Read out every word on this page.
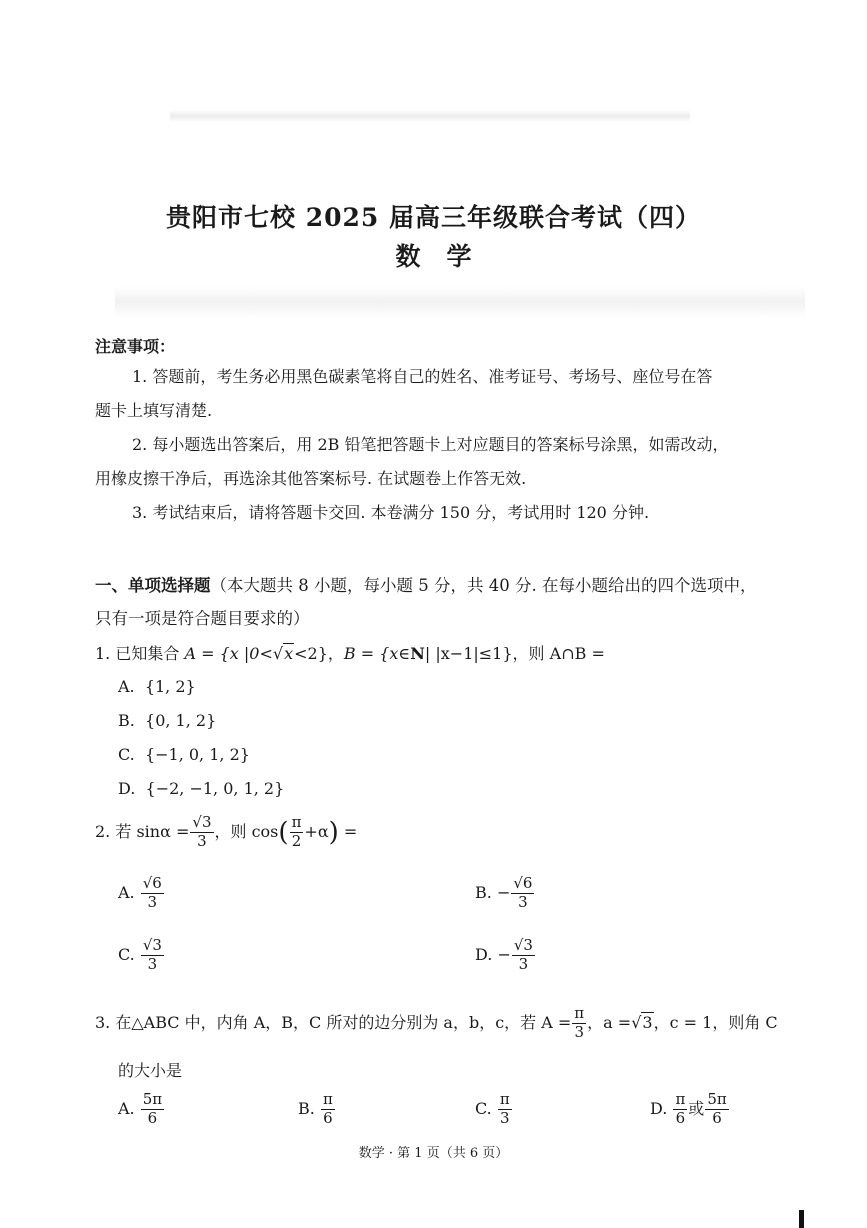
贵阳市七校 2025 届高三年级联合考试（四）
数学
注意事项：
1. 答题前，考生务必用黑色碳素笔将自己的姓名、准考证号、考场号、座位号在答
题卡上填写清楚.
2. 每小题选出答案后，用 2B 铅笔把答题卡上对应题目的答案标号涂黑，如需改动，
用橡皮擦干净后，再选涂其他答案标号. 在试题卷上作答无效.
3. 考试结束后，请将答题卡交回. 本卷满分 150 分，考试用时 120 分钟.
一、单项选择题（本大题共 8 小题，每小题 5 分，共 40 分. 在每小题给出的四个选项中，
只有一项是符合题目要求的）
1. 已知集合 A = {x |0<√x<2}，B = {x∈N| |x−1|≤1}，则 A∩B =
A. {1, 2}
B. {0, 1, 2}
C. {−1, 0, 1, 2}
D. {−2, −1, 0, 1, 2}
2. 若 $\sin\alpha = \frac{√3}{3}$ ，则 $\cos( \frac{\pi}{2} +\alpha)$ =
A. $\frac{√6}{3}$	B. − $\frac{√6}{3}$
C. $\frac{√3}{3}$	D. − $\frac{√3}{3}$
3. 在△ABC 中，内角 A，B，C 所对的边分别为 a，b，c，若 $A = \frac{\pi}{3}$ ，a =√3，c = 1，则角 C
的大小是
A. $\frac{5\pi}{6}$	B. $\frac{\pi}{6}$	C. $\frac{\pi}{3}$	D. $\frac{\pi}{6}$ 或 $\frac{5\pi}{6}$
数学 · 第 1 页（共 6 页）
